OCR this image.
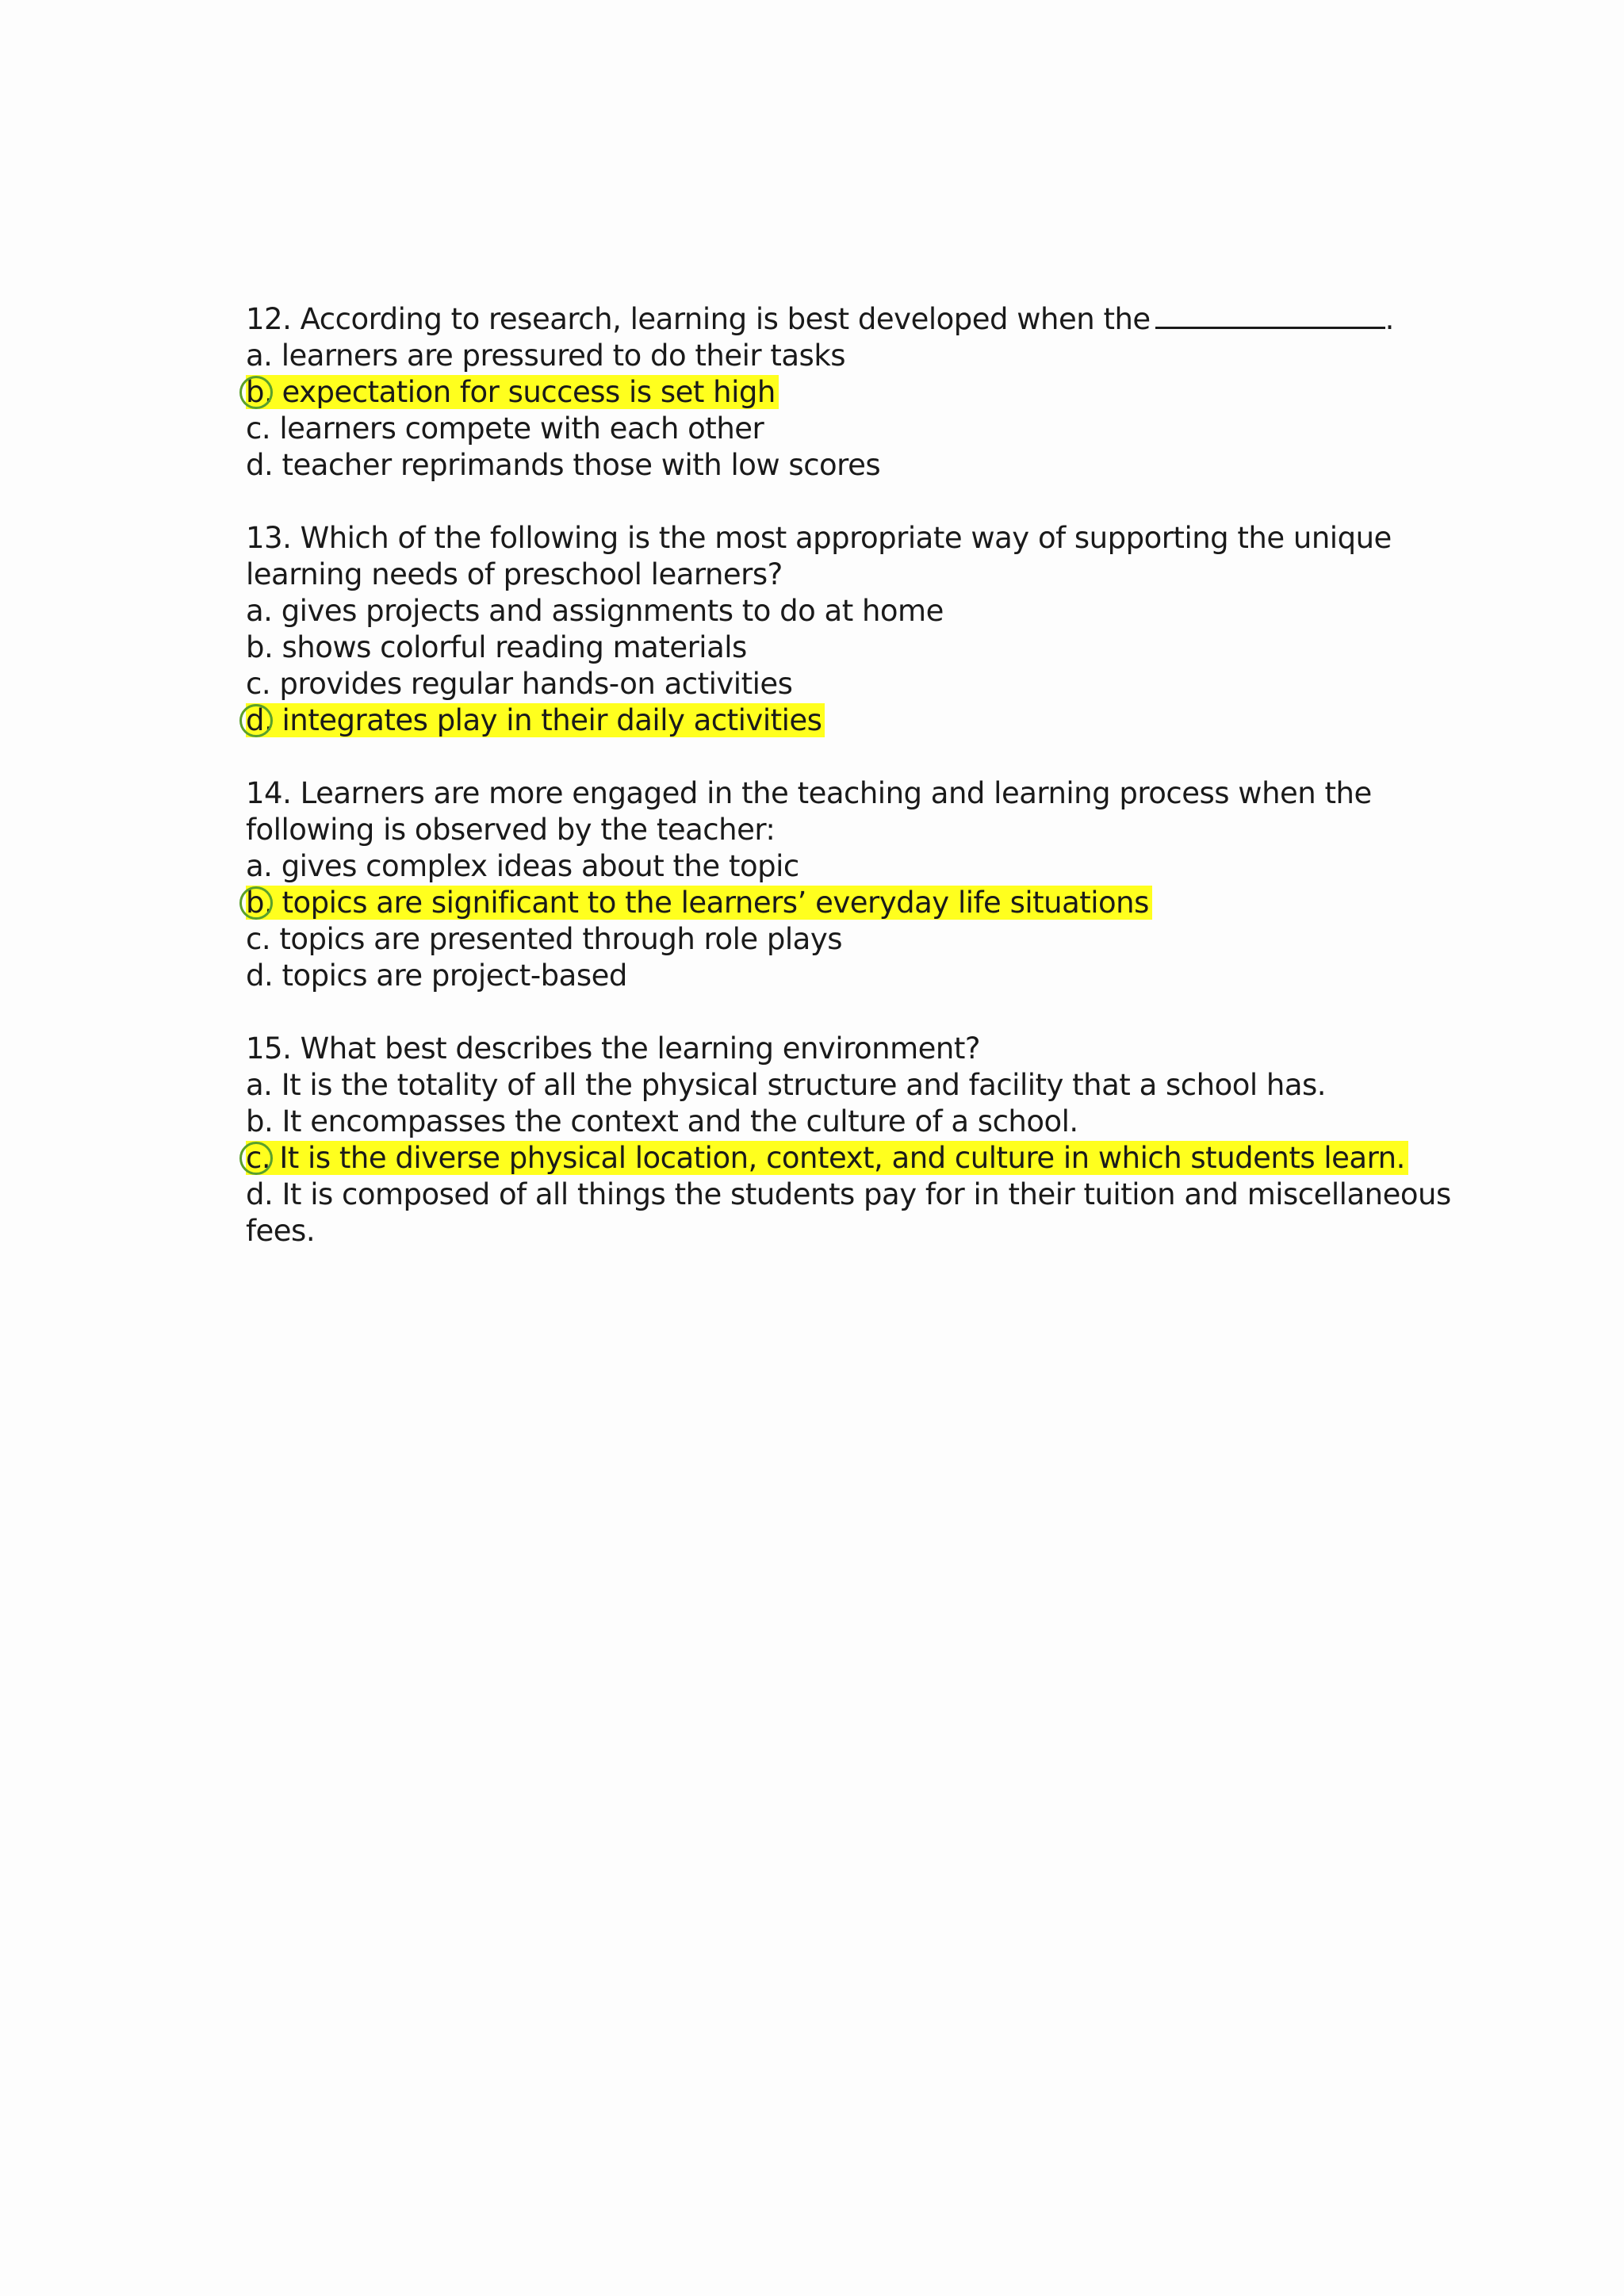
12. According to research, learning is best developed when the	.
a. learners are pressured to do their tasks
b. expectation for success is set high
c. learners compete with each other
d. teacher reprimands those with low scores
13. Which of the following is the most appropriate way of supporting the unique
learning needs of preschool learners?
a. gives projects and assignments to do at home
b. shows colorful reading materials
c. provides regular hands-on activities
d. integrates play in their daily activities
14. Learners are more engaged in the teaching and learning process when the
following is observed by the teacher:
a. gives complex ideas about the topic
b. topics are significant to the learners’ everyday life situations
c. topics are presented through role plays
d. topics are project-based
15. What best describes the learning environment?
a. It is the totality of all the physical structure and facility that a school has.
b. It encompasses the context and the culture of a school.
c. It is the diverse physical location, context, and culture in which students learn.
d. It is composed of all things the students pay for in their tuition and miscellaneous
fees.
